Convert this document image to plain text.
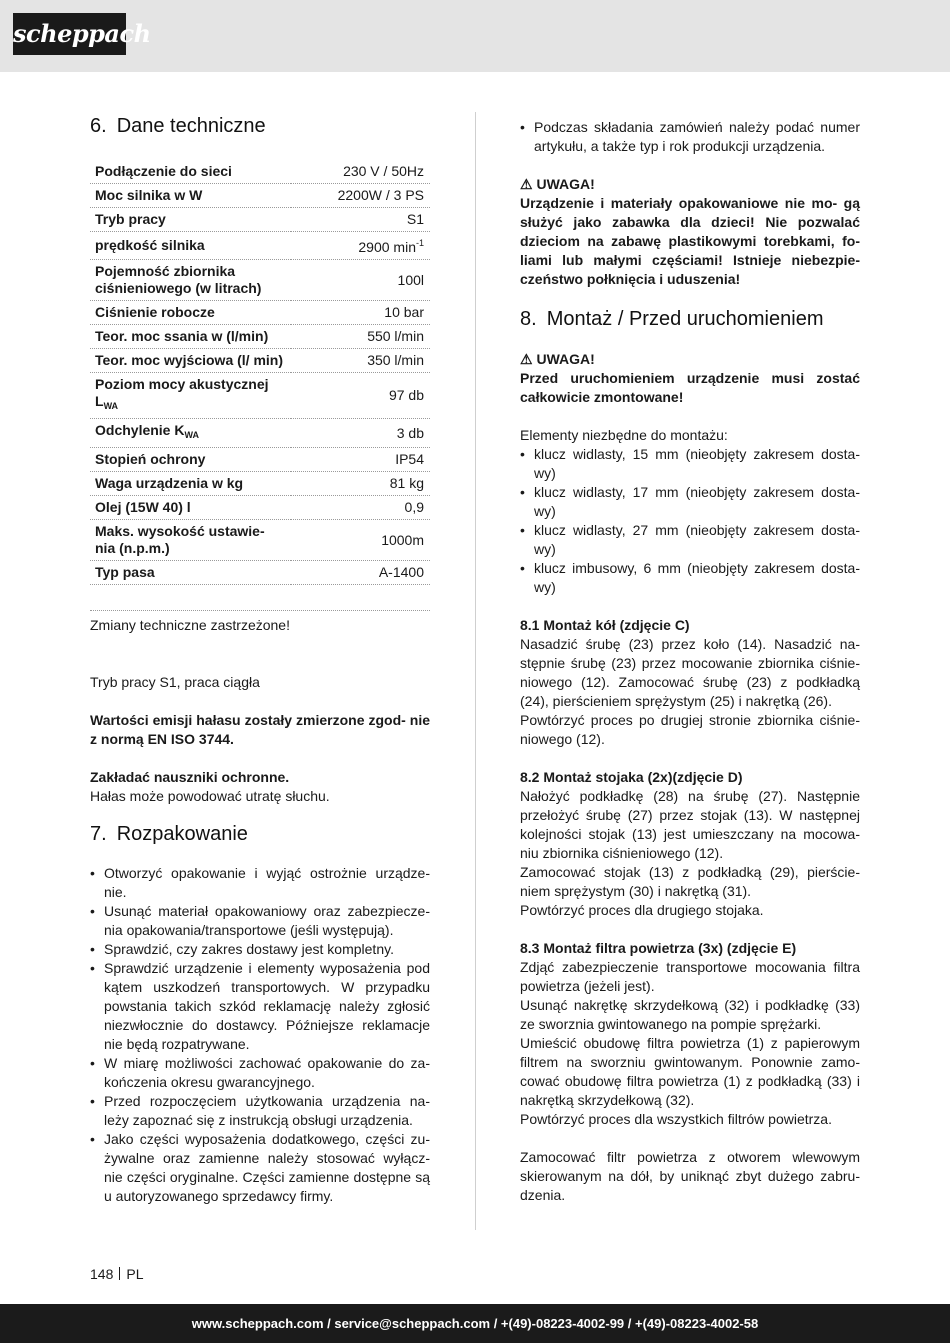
scheppach
6. Dane techniczne
Podłączenie do sieci	230 V / 50Hz
Moc silnika w W	2200W / 3 PS
Tryb pracy	S1
prędkość silnika	2900 $\min^{-1}$
Pojemność zbiornika ciśnieniowego (w litrach)	100l
Ciśnienie robocze	10 bar
Teor. moc ssania w (l/min)	550 l/min
Teor. moc wyjściowa (l/ min)	350 l/min
Poziom mocy akustycznej $L_{WA}$	97 db
Odchylenie $K_{WA}$	3 db
Stopień ochrony	IP54
Waga urządzenia w kg	81 kg
Olej (15W 40) l	0,9
Maks. wysokość ustawie- nia (n.p.m.)	1000m
Typ pasa	A-1400

Zmiany techniczne zastrzeżone!

Tryb pracy S1, praca ciągła

Wartości emisji hałasu zostały zmierzone zgod- nie z normą EN ISO 3744.

Zakładać nauszniki ochronne.

Hałas może powodować utratę słuchu.

7. Rozpakowanie
• Otworzyć opakowanie i wyjąć ostrożnie urządze- nie.
• Usunąć materiał opakowaniowy oraz zabezpiecze- nia opakowania/transportowe (jeśli występują).
• Sprawdzić, czy zakres dostawy jest kompletny.
• Sprawdzić urządzenie i elementy wyposażenia pod kątem uszkodzeń transportowych. W przypadku powstania takich szkód reklamację należy zgłosić niezwłocznie do dostawcy. Późniejsze reklamacje nie będą rozpatrywane.
• W miarę możliwości zachować opakowanie do za- kończenia okresu gwarancyjnego.
• Przed rozpoczęciem użytkowania urządzenia na- leży zapoznać się z instrukcją obsługi urządzenia.
• Jako części wyposażenia dodatkowego, części zu- żywalne oraz zamienne należy stosować wyłącz- nie części oryginalne. Części zamienne dostępne są u autoryzowanego sprzedawcy firmy.
• Podczas składania zamówień należy podać numer artykułu, a także typ i rok produkcji urządzenia.

⚠ UWAGA!

Urządzenie i materiały opakowaniowe nie mo- gą służyć jako zabawka dla dzieci! Nie pozwalać dzieciom na zabawę plastikowymi torebkami, fo- liami lub małymi częściami! Istnieje niebezpie- czeństwo połknięcia i uduszenia!

8. Montaż / Przed uruchomieniem

⚠ UWAGA!

Przed uruchomieniem urządzenie musi zostać całkowicie zmontowane!

Elementy niezbędne do montażu:

• klucz widlasty, 15 mm (nieobjęty zakresem dosta- wy)
• klucz widlasty, 17 mm (nieobjęty zakresem dosta- wy)
• klucz widlasty, 27 mm (nieobjęty zakresem dosta- wy)
• klucz imbusowy, 6 mm (nieobjęty zakresem dosta- wy)

8.1 Montaż kół (zdjęcie C)

Nasadzić śrubę (23) przez koło (14). Nasadzić na- stępnie śrubę (23) przez mocowanie zbiornika ciśnie- niowego (12). Zamocować śrubę (23) z podkładką (24), pierścieniem sprężystym (25) i nakrętką (26).

Powtórzyć proces po drugiej stronie zbiornika ciśnie- niowego (12).

8.2 Montaż stojaka (2x)(zdjęcie D)

Nałożyć podkładkę (28) na śrubę (27). Następnie przełożyć śrubę (27) przez stojak (13). W następnej kolejności stojak (13) jest umieszczany na mocowa- niu zbiornika ciśnieniowego (12).

Zamocować stojak (13) z podkładką (29), pierście- niem sprężystym (30) i nakrętką (31).

Powtórzyć proces dla drugiego stojaka.

8.3 Montaż filtra powietrza (3x) (zdjęcie E)

Zdjąć zabezpieczenie transportowe mocowania filtra powietrza (jeżeli jest).

Usunąć nakrętkę skrzydełkową (32) i podkładkę (33) ze sworznia gwintowanego na pompie sprężarki.

Umieścić obudowę filtra powietrza (1) z papierowym filtrem na sworzniu gwintowanym. Ponownie zamo- cować obudowę filtra powietrza (1) z podkładką (33) i nakrętką skrzydełkową (32).

Powtórzyć proces dla wszystkich filtrów powietrza.

Zamocować filtr powietrza z otworem wlewowym skierowanym na dół, by uniknąć zbyt dużego zabru- dzenia.

148 PL
www.scheppach.com / service@scheppach.com / +(49)-08223-4002-99 / +(49)-08223-4002-58
